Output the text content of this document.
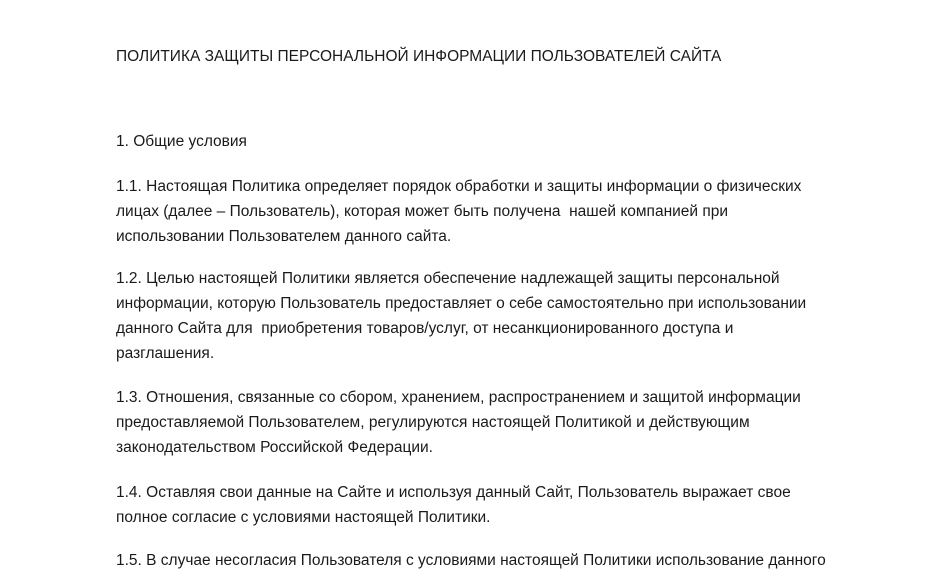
ПОЛИТИКА ЗАЩИТЫ ПЕРСОНАЛЬНОЙ ИНФОРМАЦИИ ПОЛЬЗОВАТЕЛЕЙ САЙТА
1. Общие условия
1.1. Настоящая Политика определяет порядок обработки и защиты информации о физических
лицах (далее – Пользователь), которая может быть получена  нашей компанией при
использовании Пользователем данного сайта.
1.2. Целью настоящей Политики является обеспечение надлежащей защиты персональной
информации, которую Пользователь предоставляет о себе самостоятельно при использовании
данного Сайта для  приобретения товаров/услуг, от несанкционированного доступа и
разглашения.
1.3. Отношения, связанные со сбором, хранением, распространением и защитой информации
предоставляемой Пользователем, регулируются настоящей Политикой и действующим
законодательством Российской Федерации.
1.4. Оставляя свои данные на Сайте и используя данный Сайт, Пользователь выражает свое
полное согласие с условиями настоящей Политики.
1.5. В случае несогласия Пользователя с условиями настоящей Политики использование данного
